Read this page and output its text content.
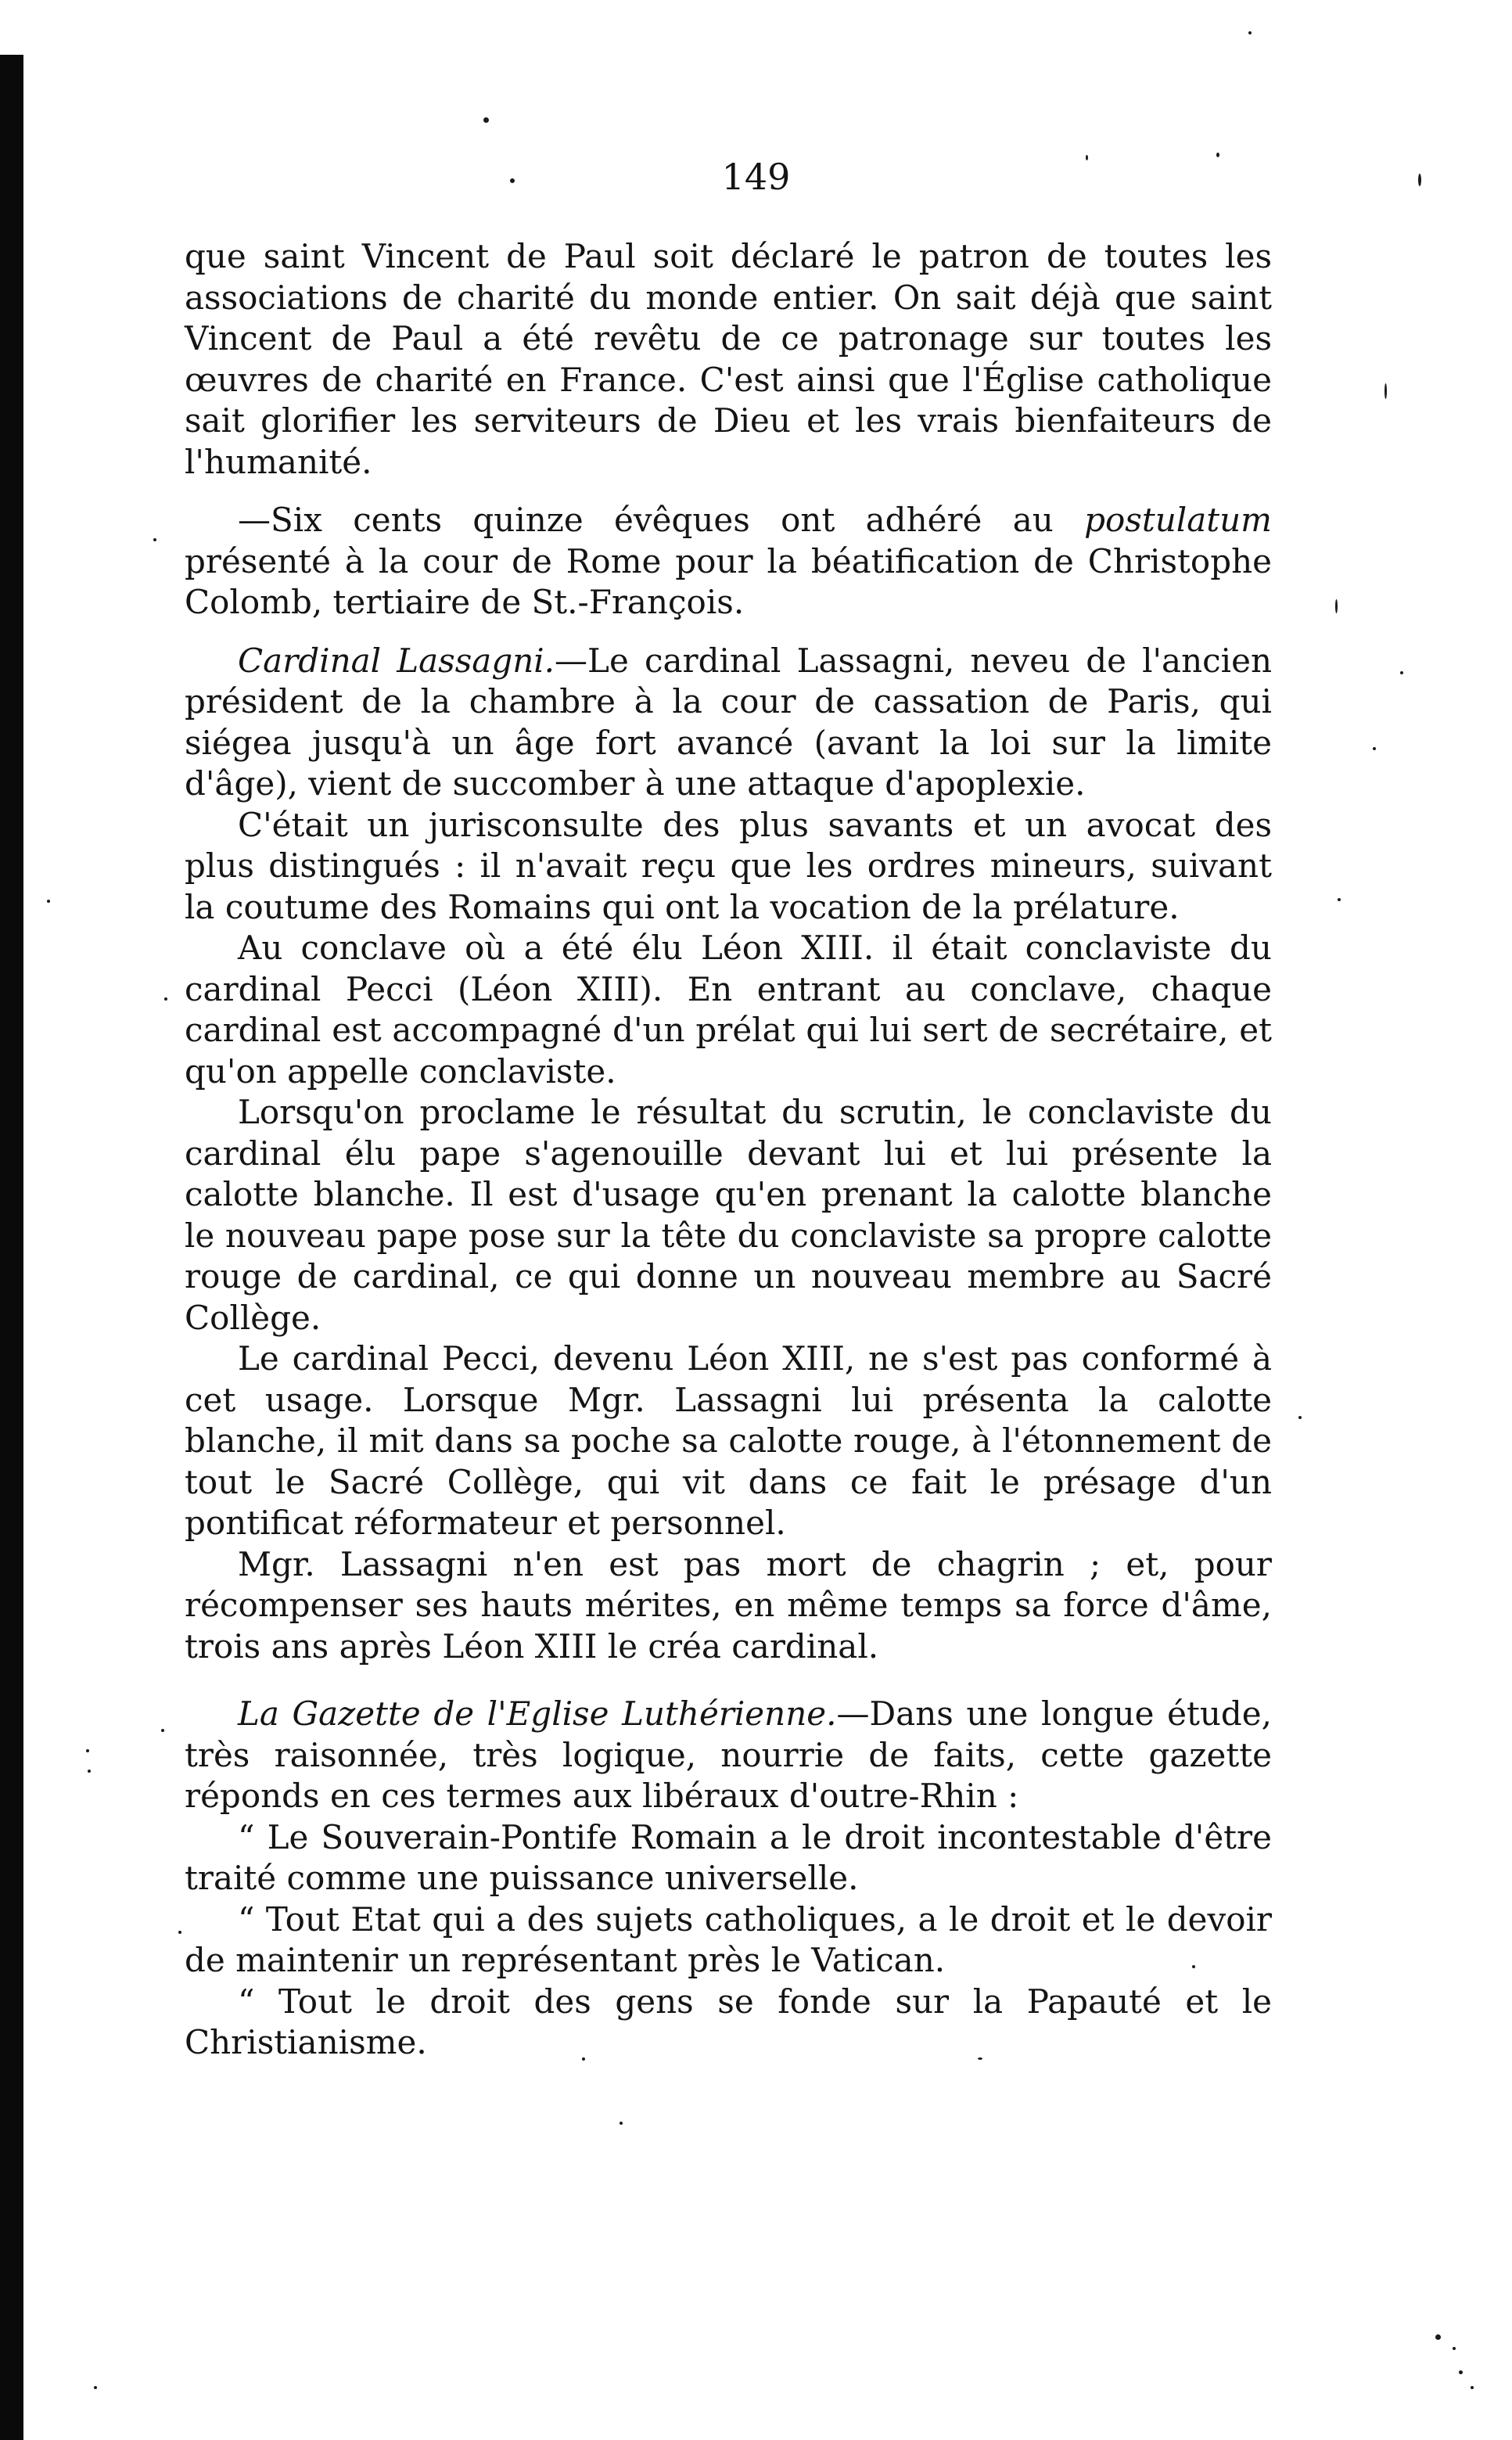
149

que saint Vincent de Paul soit déclaré le patron de toutes les associations de charité du monde entier. On sait déjà que saint Vincent de Paul a été revêtu de ce patronage sur toutes les œuvres de charité en France. C'est ainsi que l'Église catholique sait glorifier les serviteurs de Dieu et les vrais bienfaiteurs de l'humanité.

—Six cents quinze évêques ont adhéré au postulatum présenté à la cour de Rome pour la béatification de Christophe Colomb, tertiaire de St.-François.

Cardinal Lassagni.—Le cardinal Lassagni, neveu de l'ancien président de la chambre à la cour de cassation de Paris, qui siégea jusqu'à un âge fort avancé (avant la loi sur la limite d'âge), vient de succomber à une attaque d'apoplexie.

C'était un jurisconsulte des plus savants et un avocat des plus distingués : il n'avait reçu que les ordres mineurs, suivant la coutume des Romains qui ont la vocation de la prélature.

Au conclave où a été élu Léon XIII. il était conclaviste du cardinal Pecci (Léon XIII). En entrant au conclave, chaque cardinal est accompagné d'un prélat qui lui sert de secrétaire, et qu'on appelle conclaviste.

Lorsqu'on proclame le résultat du scrutin, le conclaviste du cardinal élu pape s'agenouille devant lui et lui présente la calotte blanche. Il est d'usage qu'en prenant la calotte blanche le nouveau pape pose sur la tête du conclaviste sa propre calotte rouge de cardinal, ce qui donne un nouveau membre au Sacré Collège.

Le cardinal Pecci, devenu Léon XIII, ne s'est pas conformé à cet usage. Lorsque Mgr. Lassagni lui présenta la calotte blanche, il mit dans sa poche sa calotte rouge, à l'étonnement de tout le Sacré Collège, qui vit dans ce fait le présage d'un pontificat réformateur et personnel.

Mgr. Lassagni n'en est pas mort de chagrin ; et, pour récompenser ses hauts mérites, en même temps sa force d'âme, trois ans après Léon XIII le créa cardinal.

La Gazette de l'Eglise Luthérienne.—Dans une longue étude, très raisonnée, très logique, nourrie de faits, cette gazette réponds en ces termes aux libéraux d'outre-Rhin :

“ Le Souverain-Pontife Romain a le droit incontestable d'être traité comme une puissance universelle.

“ Tout Etat qui a des sujets catholiques, a le droit et le devoir de maintenir un représentant près le Vatican.

“ Tout le droit des gens se fonde sur la Papauté et le Christianisme.
